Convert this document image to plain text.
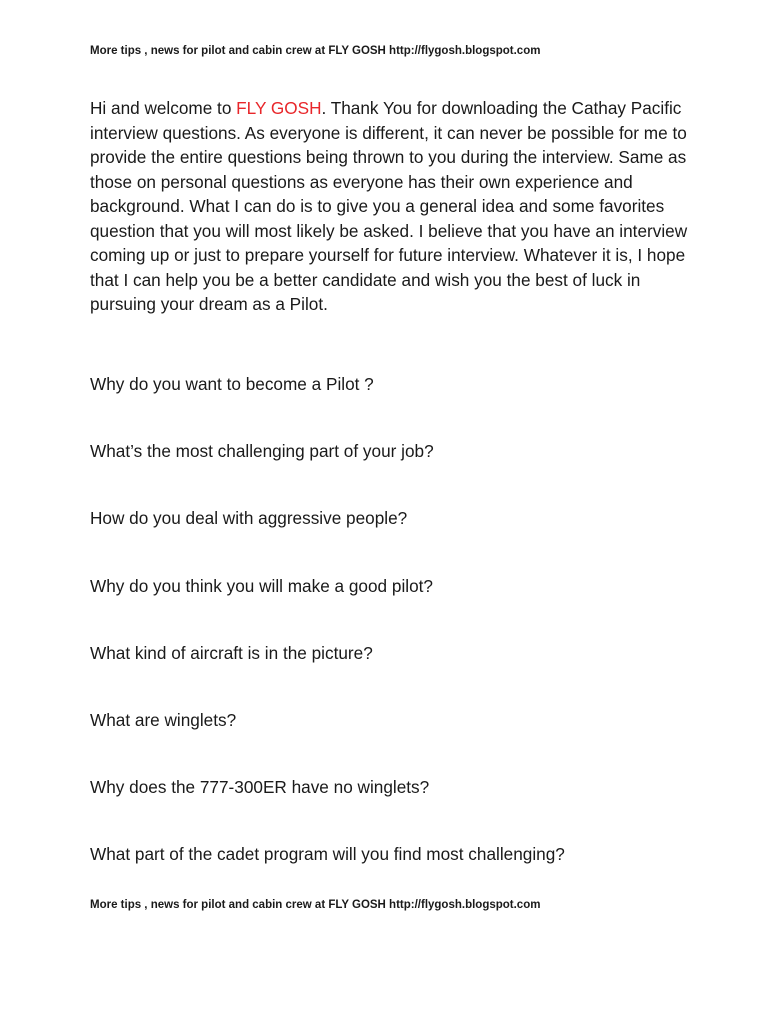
More tips , news for pilot and cabin crew at FLY GOSH http://flygosh.blogspot.com

Hi and welcome to FLY GOSH. Thank You for downloading the Cathay Pacific interview questions. As everyone is different, it can never be possible for me to provide the entire questions being thrown to you during the interview. Same as those on personal questions as everyone has their own experience and background. What I can do is to give you a general idea and some favorites question that you will most likely be asked. I believe that you have an interview coming up or just to prepare yourself for future interview. Whatever it is, I hope that I can help you be a better candidate and wish you the best of luck in pursuing your dream as a Pilot.

Why do you want to become a Pilot ?
What’s the most challenging part of your job?
How do you deal with aggressive people?
Why do you think you will make a good pilot?
What kind of aircraft is in the picture?
What are winglets?
Why does the 777-300ER have no winglets?
What part of the cadet program will you find most challenging?
More tips , news for pilot and cabin crew at FLY GOSH http://flygosh.blogspot.com
